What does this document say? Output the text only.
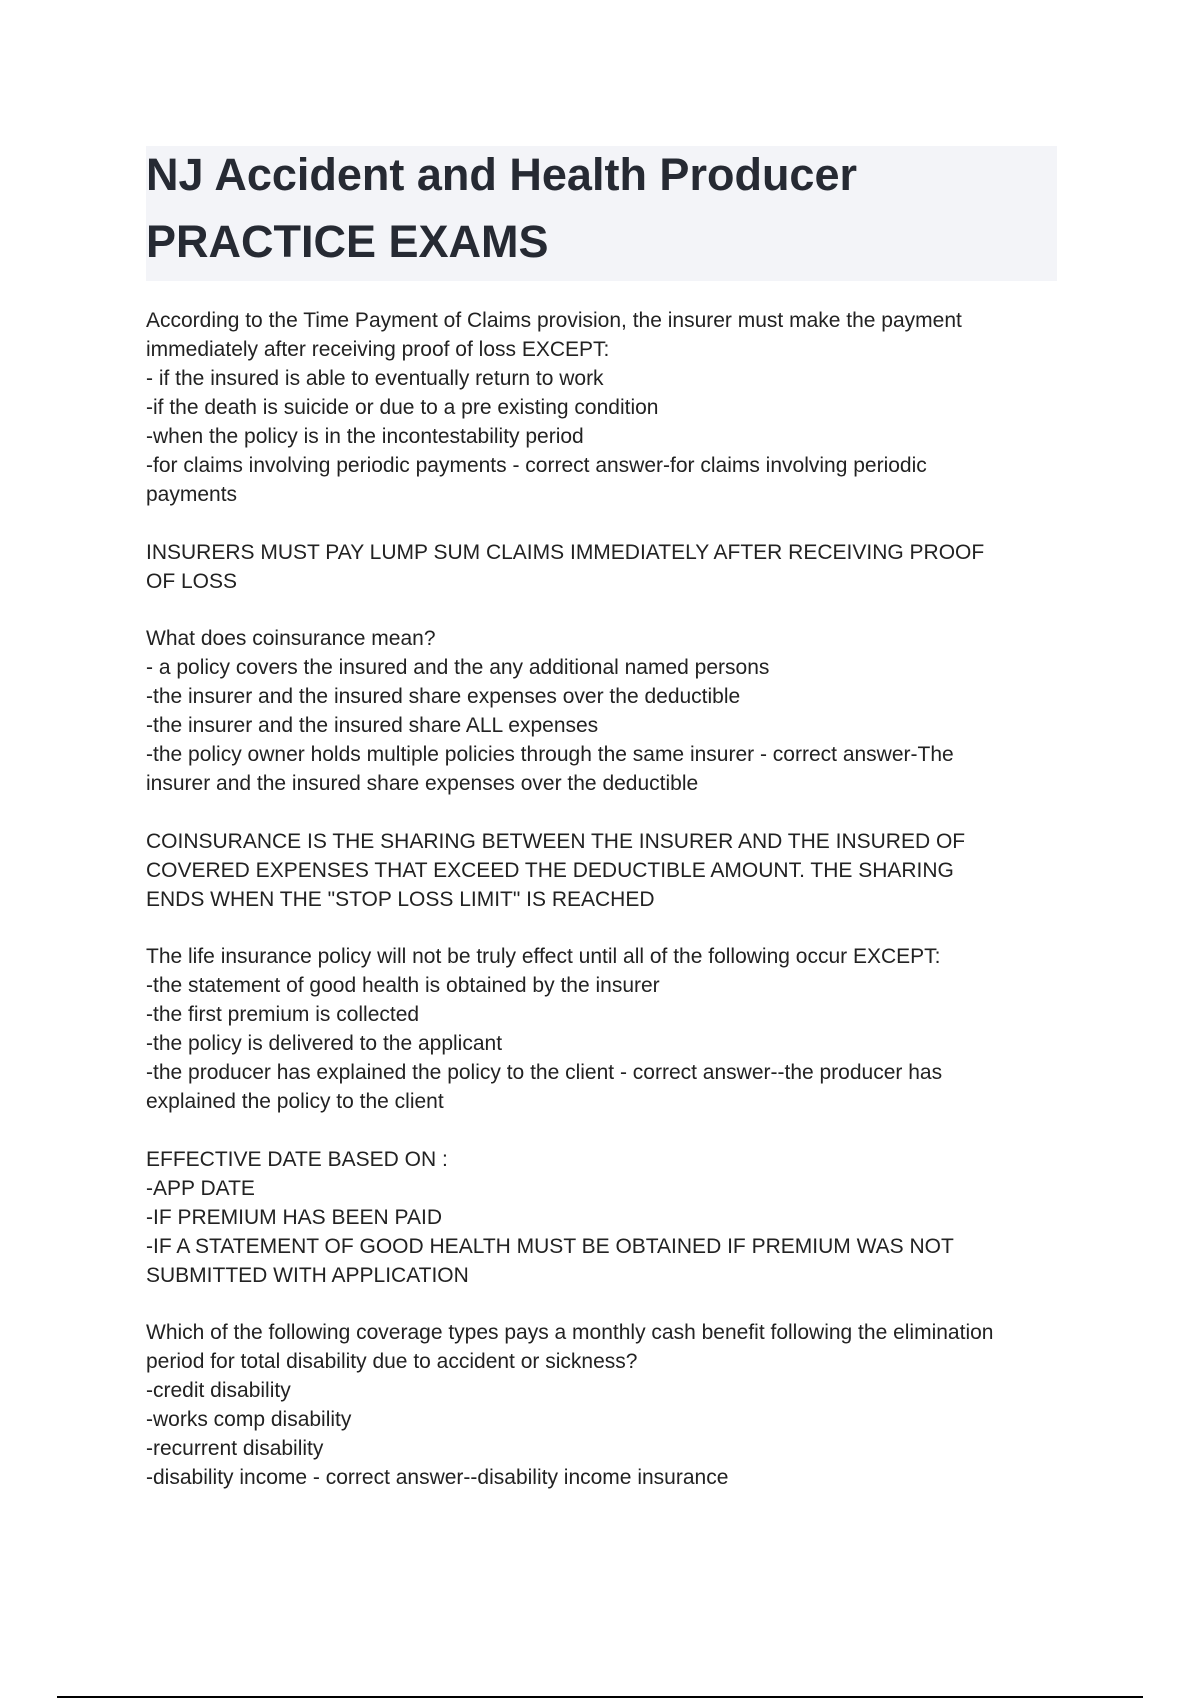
NJ Accident and Health Producer
PRACTICE EXAMS
According to the Time Payment of Claims provision, the insurer must make the payment
immediately after receiving proof of loss EXCEPT:
- if the insured is able to eventually return to work
-if the death is suicide or due to a pre existing condition
-when the policy is in the incontestability period
-for claims involving periodic payments - correct answer-for claims involving periodic
payments
INSURERS MUST PAY LUMP SUM CLAIMS IMMEDIATELY AFTER RECEIVING PROOF
OF LOSS
What does coinsurance mean?
- a policy covers the insured and the any additional named persons
-the insurer and the insured share expenses over the deductible
-the insurer and the insured share ALL expenses
-the policy owner holds multiple policies through the same insurer - correct answer-The
insurer and the insured share expenses over the deductible
COINSURANCE IS THE SHARING BETWEEN THE INSURER AND THE INSURED OF
COVERED EXPENSES THAT EXCEED THE DEDUCTIBLE AMOUNT. THE SHARING
ENDS WHEN THE "STOP LOSS LIMIT" IS REACHED
The life insurance policy will not be truly effect until all of the following occur EXCEPT:
-the statement of good health is obtained by the insurer
-the first premium is collected
-the policy is delivered to the applicant
-the producer has explained the policy to the client - correct answer--the producer has
explained the policy to the client
EFFECTIVE DATE BASED ON :
-APP DATE
-IF PREMIUM HAS BEEN PAID
-IF A STATEMENT OF GOOD HEALTH MUST BE OBTAINED IF PREMIUM WAS NOT
SUBMITTED WITH APPLICATION
Which of the following coverage types pays a monthly cash benefit following the elimination
period for total disability due to accident or sickness?
-credit disability
-works comp disability
-recurrent disability
-disability income - correct answer--disability income insurance
